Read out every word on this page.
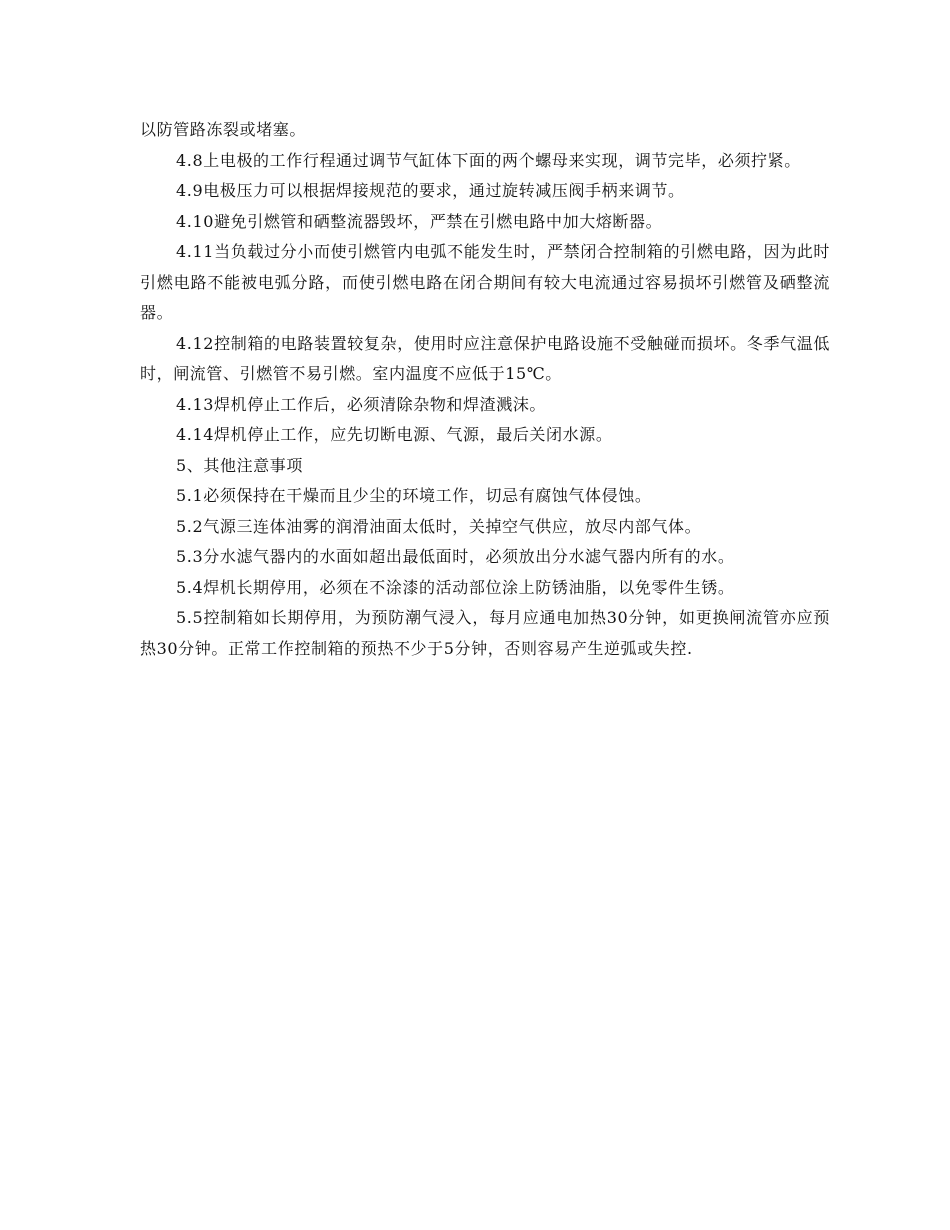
以防管路冻裂或堵塞。

4.8上电极的工作行程通过调节气缸体下面的两个螺母来实现，调节完毕，必须拧紧。

4.9电极压力可以根据焊接规范的要求，通过旋转减压阀手柄来调节。

4.10避免引燃管和硒整流器毁坏，严禁在引燃电路中加大熔断器。

4.11当负载过分小而使引燃管内电弧不能发生时，严禁闭合控制箱的引燃电路，因为此时引燃电路不能被电弧分路，而使引燃电路在闭合期间有较大电流通过容易损坏引燃管及硒整流器。

4.12控制箱的电路装置较复杂，使用时应注意保护电路设施不受触碰而损坏。冬季气温低时，闸流管、引燃管不易引燃。室内温度不应低于15℃。

4.13焊机停止工作后，必须清除杂物和焊渣溅沫。

4.14焊机停止工作，应先切断电源、气源，最后关闭水源。

5、其他注意事项

5.1必须保持在干燥而且少尘的环境工作，切忌有腐蚀气体侵蚀。

5.2气源三连体油雾的润滑油面太低时，关掉空气供应，放尽内部气体。

5.3分水滤气器内的水面如超出最低面时，必须放出分水滤气器内所有的水。

5.4焊机长期停用，必须在不涂漆的活动部位涂上防锈油脂，以免零件生锈。

5.5控制箱如长期停用，为预防潮气浸入，每月应通电加热30分钟，如更换闸流管亦应预热30分钟。正常工作控制箱的预热不少于5分钟，否则容易产生逆弧或失控.
